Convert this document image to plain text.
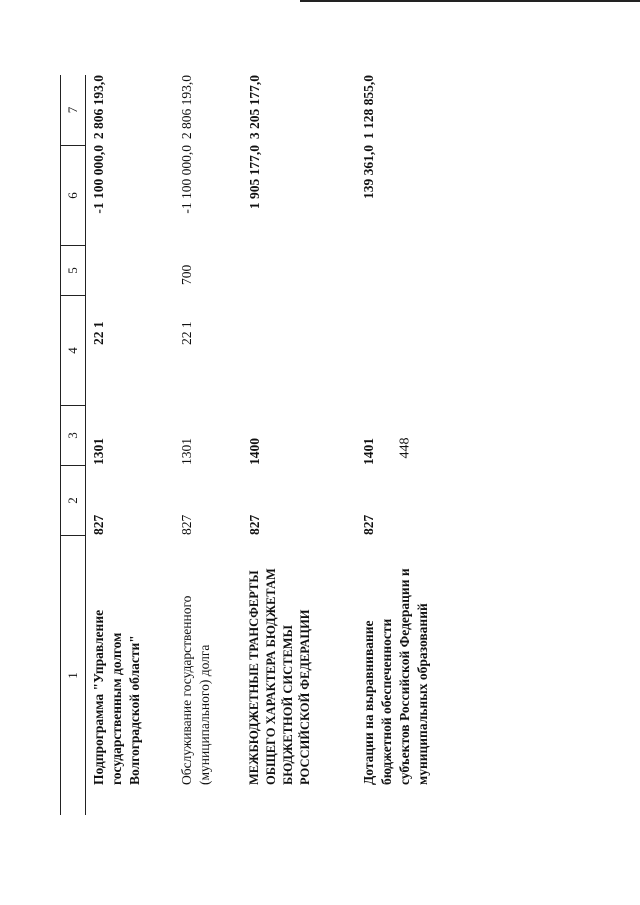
448
1
2
3
4
5
6
7
Подпрограмма "Управление государственным долгом Волгоградской области"
827
1301
22 1
-1 100 000,0
2 806 193,0
Обслуживание государственного (муниципального) долга
827
1301
22 1
700
-1 100 000,0
2 806 193,0
МЕЖБЮДЖЕТНЫЕ ТРАНСФЕРТЫ ОБЩЕГО ХАРАКТЕРА БЮДЖЕТАМ БЮДЖЕТНОЙ СИСТЕМЫ РОССИЙСКОЙ ФЕДЕРАЦИИ
827
1400
1 905 177,0
3 205 177,0
Дотации на выравнивание бюджетной обеспеченности субъектов Российской Федерации и муниципальных образований
827
1401
139 361,0
1 128 855,0
